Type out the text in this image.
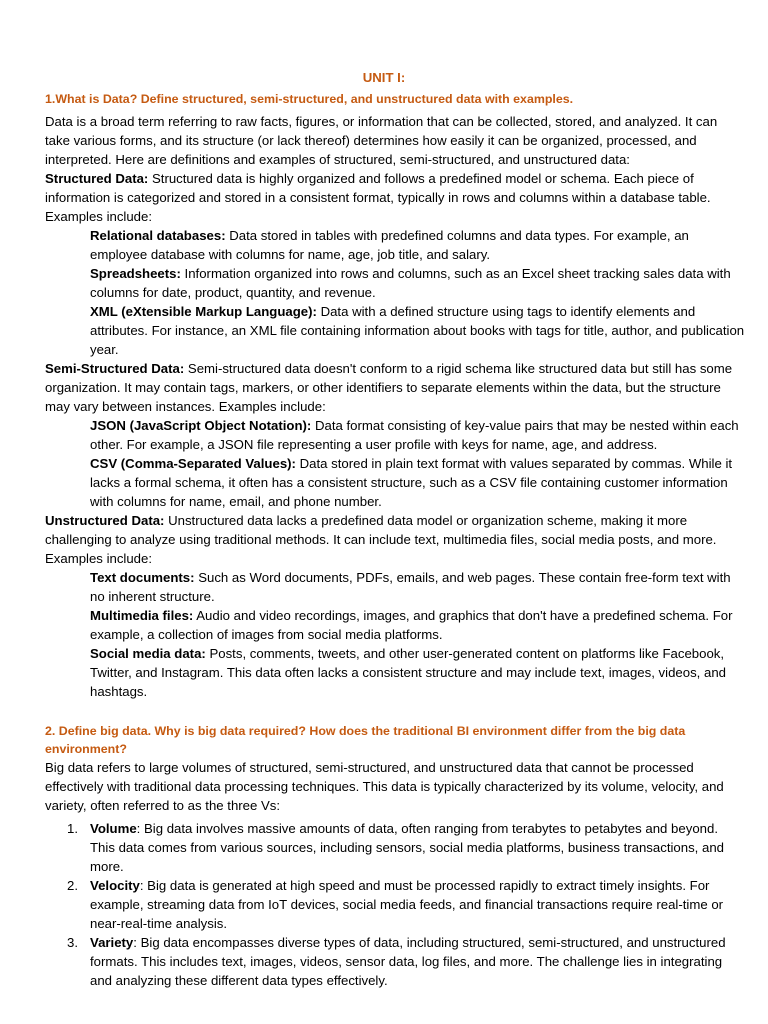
UNIT I:
1.What is Data? Define structured, semi-structured, and unstructured data with examples.

Data is a broad term referring to raw facts, figures, or information that can be collected, stored, and analyzed. It can take various forms, and its structure (or lack thereof) determines how easily it can be organized, processed, and interpreted. Here are definitions and examples of structured, semi-structured, and unstructured data:

Structured Data: Structured data is highly organized and follows a predefined model or schema. Each piece of information is categorized and stored in a consistent format, typically in rows and columns within a database table. Examples include:

Relational databases: Data stored in tables with predefined columns and data types. For example, an employee database with columns for name, age, job title, and salary.

Spreadsheets: Information organized into rows and columns, such as an Excel sheet tracking sales data with columns for date, product, quantity, and revenue.

XML (eXtensible Markup Language): Data with a defined structure using tags to identify elements and attributes. For instance, an XML file containing information about books with tags for title, author, and publication year.

Semi-Structured Data: Semi-structured data doesn't conform to a rigid schema like structured data but still has some organization. It may contain tags, markers, or other identifiers to separate elements within the data, but the structure may vary between instances. Examples include:

JSON (JavaScript Object Notation): Data format consisting of key-value pairs that may be nested within each other. For example, a JSON file representing a user profile with keys for name, age, and address.

CSV (Comma-Separated Values): Data stored in plain text format with values separated by commas. While it lacks a formal schema, it often has a consistent structure, such as a CSV file containing customer information with columns for name, email, and phone number.

Unstructured Data: Unstructured data lacks a predefined data model or organization scheme, making it more challenging to analyze using traditional methods. It can include text, multimedia files, social media posts, and more. Examples include:

Text documents: Such as Word documents, PDFs, emails, and web pages. These contain free-form text with no inherent structure.

Multimedia files: Audio and video recordings, images, and graphics that don't have a predefined schema. For example, a collection of images from social media platforms.

Social media data: Posts, comments, tweets, and other user-generated content on platforms like Facebook, Twitter, and Instagram. This data often lacks a consistent structure and may include text, images, videos, and hashtags.

2. Define big data. Why is big data required? How does the traditional BI environment differ from the big data environment?

Big data refers to large volumes of structured, semi-structured, and unstructured data that cannot be processed effectively with traditional data processing techniques. This data is typically characterized by its volume, velocity, and variety, often referred to as the three Vs:

1. Volume: Big data involves massive amounts of data, often ranging from terabytes to petabytes and beyond. This data comes from various sources, including sensors, social media platforms, business transactions, and more.
2. Velocity: Big data is generated at high speed and must be processed rapidly to extract timely insights. For example, streaming data from IoT devices, social media feeds, and financial transactions require real-time or near-real-time analysis.
3. Variety: Big data encompasses diverse types of data, including structured, semi-structured, and unstructured formats. This includes text, images, videos, sensor data, log files, and more. The challenge lies in integrating and analyzing these different data types effectively.
